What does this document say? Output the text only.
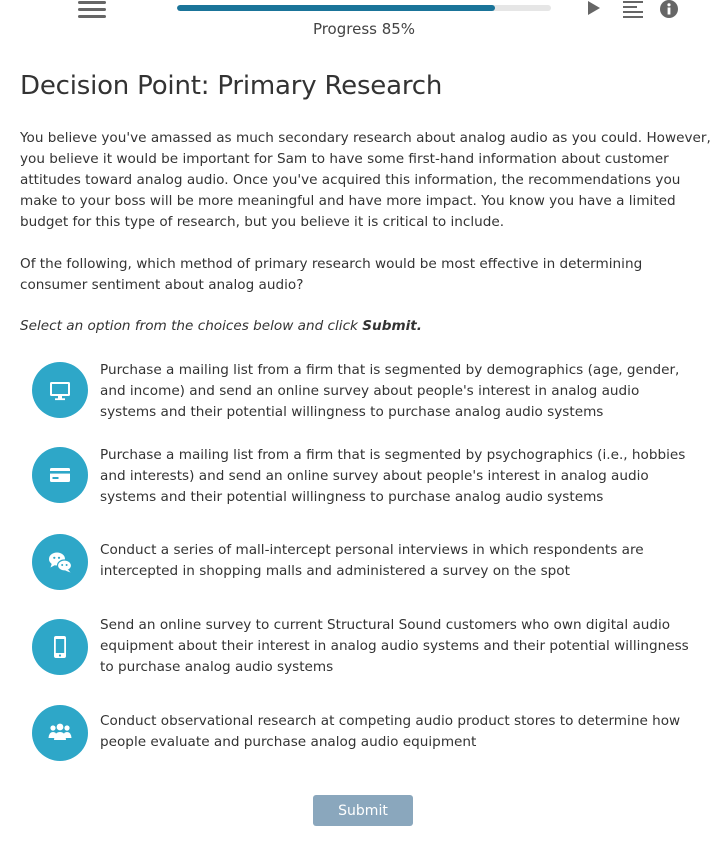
Progress 85%
Decision Point: Primary Research

You believe you've amassed as much secondary research about analog audio as you could. However, you believe it would be important for Sam to have some first-hand information about customer attitudes toward analog audio. Once you've acquired this information, the recommendations you make to your boss will be more meaningful and have more impact. You know you have a limited budget for this type of research, but you believe it is critical to include.

Of the following, which method of primary research would be most effective in determining consumer sentiment about analog audio?

Select an option from the choices below and click Submit.

Purchase a mailing list from a firm that is segmented by demographics (age, gender, and income) and send an online survey about people's interest in analog audio systems and their potential willingness to purchase analog audio systems
Purchase a mailing list from a firm that is segmented by psychographics (i.e., hobbies and interests) and send an online survey about people's interest in analog audio systems and their potential willingness to purchase analog audio systems
Conduct a series of mall-intercept personal interviews in which respondents are intercepted in shopping malls and administered a survey on the spot
Send an online survey to current Structural Sound customers who own digital audio equipment about their interest in analog audio systems and their potential willingness to purchase analog audio systems
Conduct observational research at competing audio product stores to determine how people evaluate and purchase analog audio equipment
Submit
